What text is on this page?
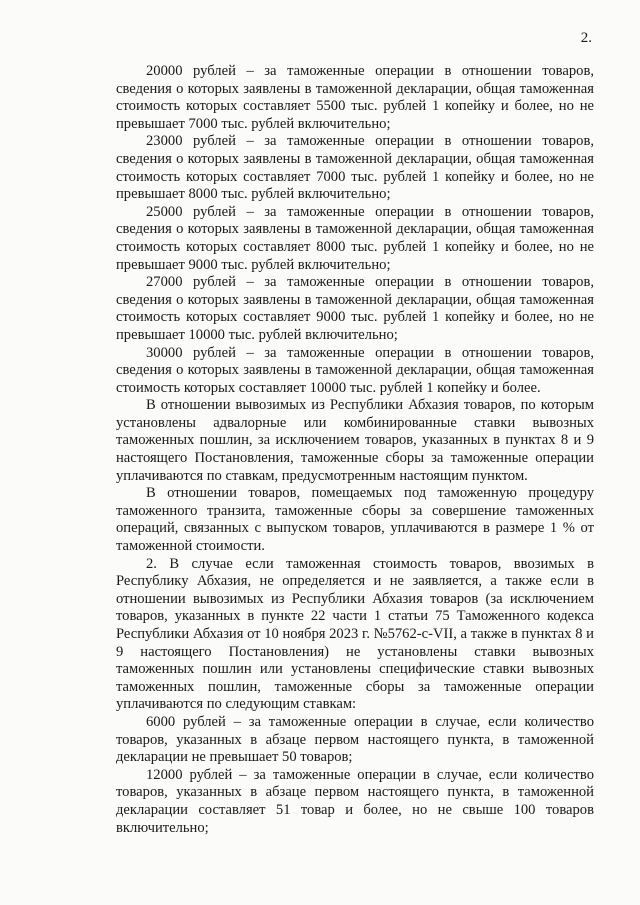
2.

20000 рублей – за таможенные операции в отношении товаров, сведения о которых заявлены в таможенной декларации, общая таможенная стоимость которых составляет 5500 тыс. рублей 1 копейку и более, но не превышает 7000 тыс. рублей включительно;

23000 рублей – за таможенные операции в отношении товаров, сведения о которых заявлены в таможенной декларации, общая таможенная стоимость которых составляет 7000 тыс. рублей 1 копейку и более, но не превышает 8000 тыс. рублей включительно;

25000 рублей – за таможенные операции в отношении товаров, сведения о которых заявлены в таможенной декларации, общая таможенная стоимость которых составляет 8000 тыс. рублей 1 копейку и более, но не превышает 9000 тыс. рублей включительно;

27000 рублей – за таможенные операции в отношении товаров, сведения о которых заявлены в таможенной декларации, общая таможенная стоимость которых составляет 9000 тыс. рублей 1 копейку и более, но не превышает 10000 тыс. рублей включительно;

30000 рублей – за таможенные операции в отношении товаров, сведения о которых заявлены в таможенной декларации, общая таможенная стоимость которых составляет 10000 тыс. рублей 1 копейку и более.

В отношении вывозимых из Республики Абхазия товаров, по которым установлены адвалорные или комбинированные ставки вывозных таможенных пошлин, за исключением товаров, указанных в пунктах 8 и 9 настоящего Постановления, таможенные сборы за таможенные операции уплачиваются по ставкам, предусмотренным настоящим пунктом.

В отношении товаров, помещаемых под таможенную процедуру таможенного транзита, таможенные сборы за совершение таможенных операций, связанных с выпуском товаров, уплачиваются в размере 1 % от таможенной стоимости.

2. В случае если таможенная стоимость товаров, ввозимых в Республику Абхазия, не определяется и не заявляется, а также если в отношении вывозимых из Республики Абхазия товаров (за исключением товаров, указанных в пункте 22 части 1 статьи 75 Таможенного кодекса Республики Абхазия от 10 ноября 2023 г. №5762-с-VII, а также в пунктах 8 и 9 настоящего Постановления) не установлены ставки вывозных таможенных пошлин или установлены специфические ставки вывозных таможенных пошлин, таможенные сборы за таможенные операции уплачиваются по следующим ставкам:

6000 рублей – за таможенные операции в случае, если количество товаров, указанных в абзаце первом настоящего пункта, в таможенной декларации не превышает 50 товаров;

12000 рублей – за таможенные операции в случае, если количество товаров, указанных в абзаце первом настоящего пункта, в таможенной декларации составляет 51 товар и более, но не свыше 100 товаров включительно;
